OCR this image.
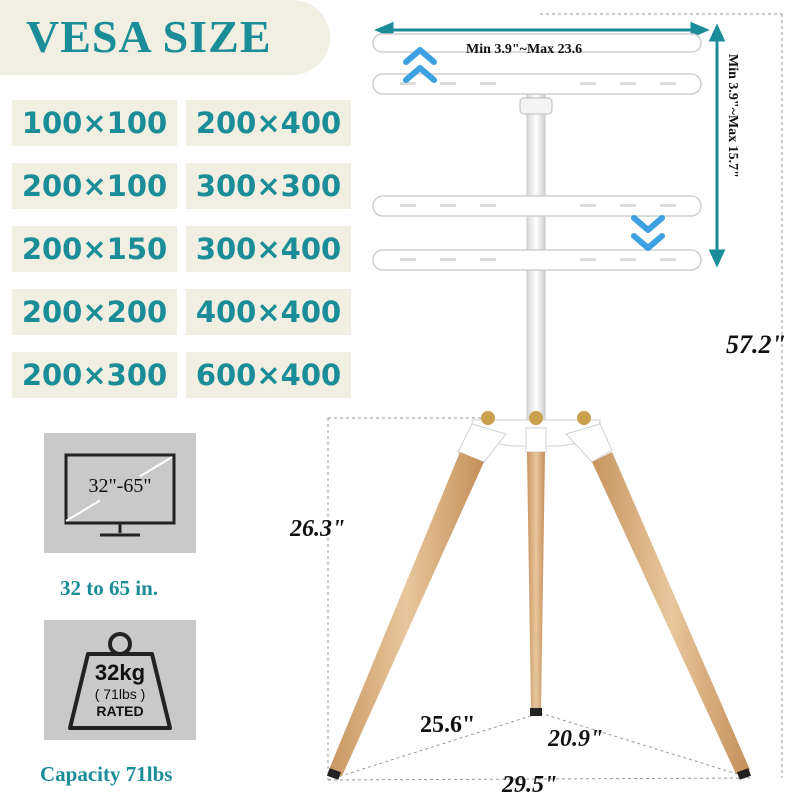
VESA SIZE
100×100 200×400
200×100 300×300
200×150 300×400
200×200 400×400
200×300 600×400
32"-65"
32 to 65 in.
32kg
( 71lbs )
RATED
Capacity 71lbs
Min 3.9"~Max 23.6
Min 3.9"~Max 15.7"
57.2"
26.3"
25.6"
20.9"
29.5"
